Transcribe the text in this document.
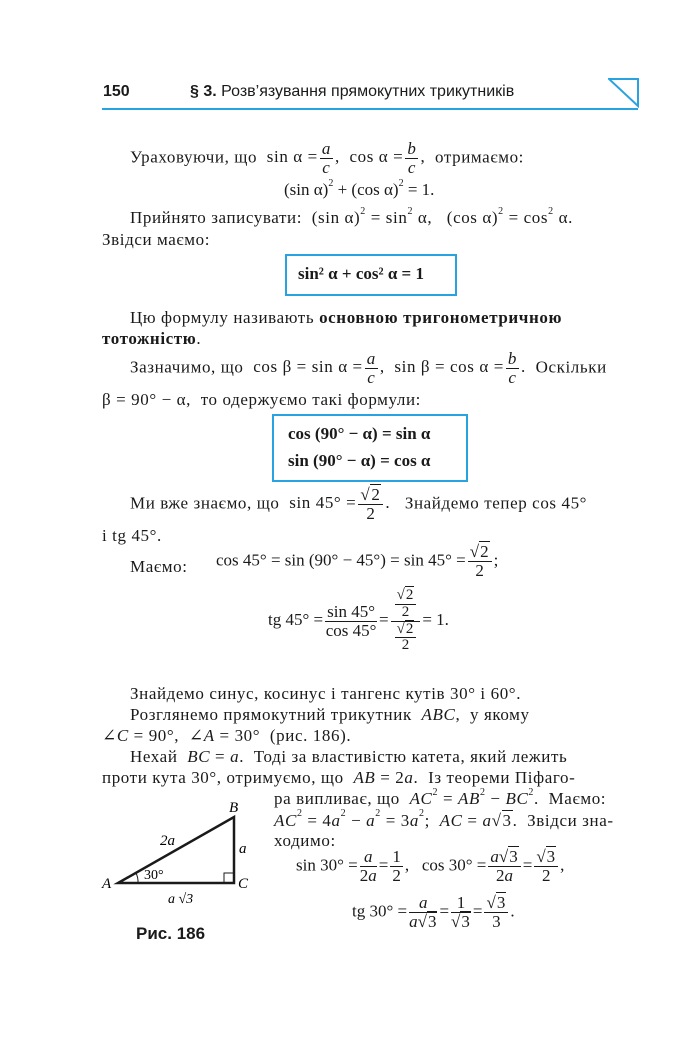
150	§ 3. Розв’язування прямокутних трикутників
Ураховуючи, що  $\sin \alpha = \frac{a}{c}$ ,  $\cos \alpha = \frac{b}{c}$ ,  отримаємо:
(sin α)$^2$ + (cos α)$^2$ = 1.
Прийнято записувати:  (sin $\alpha)^2 = \sin^2 \alpha$,   (cos $\alpha)^2 = \cos^2 \alpha$.
Звідси маємо:
sin² α + cos² α = 1
Цю формулу називають основною тригонометричною
тотожністю.
Зазначимо, що  $\cos \beta = \sin \alpha = \frac{a}{c}$ ,  $\sin \beta = \cos \alpha = \frac{b}{c}$ .  Оскільки
β = 90° − α,  то одержуємо такі формули:
cos (90° − α) = sin α
sin (90° − α) = cos α
Ми вже знаємо, що  $\sin 45^\circ = \frac{√2}{2}$ .   Знайдемо тепер cos 45°
і tg 45°.
Маємо: $\cos 45^\circ = \sin (90^\circ - 45^\circ) = \sin 45^\circ = \frac{√2}{2}$ ;
tg $45^\circ = \frac{\sin 45^\circ}{\cos 45^\circ} = \frac{\frac{√2}{2}}{\frac{√2}{2}} = 1$.
Знайдемо синус, косинус і тангенс кутів 30° і 60°.
Розглянемо прямокутний трикутник  ABC,  у якому
∠C = 90°,  ∠A = 30°  (рис. 186).
Нехай BC = a.  Тоді за властивістю катета, який лежить
проти кута 30°, отримуємо, що AB = 2a.  Із теореми Піфаго-
ра випливає, що $AC^2 = AB^2 - BC^2$.  Маємо:
$AC^2 = 4a^2 - a^2 = 3a^2$;  AC = a√3.  Звідси зна-
ходимо:
$\sin 30^\circ = \frac{a}{2a} = \frac{1}{2}$ ,   $\cos 30^\circ = \frac{a√3}{2a} = \frac{√3}{2}$ ,
tg $30^\circ = \frac{a}{a√3} = \frac{1}{√3} = \frac{√3}{3}$ .
A
B
C
2a	a
30°
a √3
Рис. 186
